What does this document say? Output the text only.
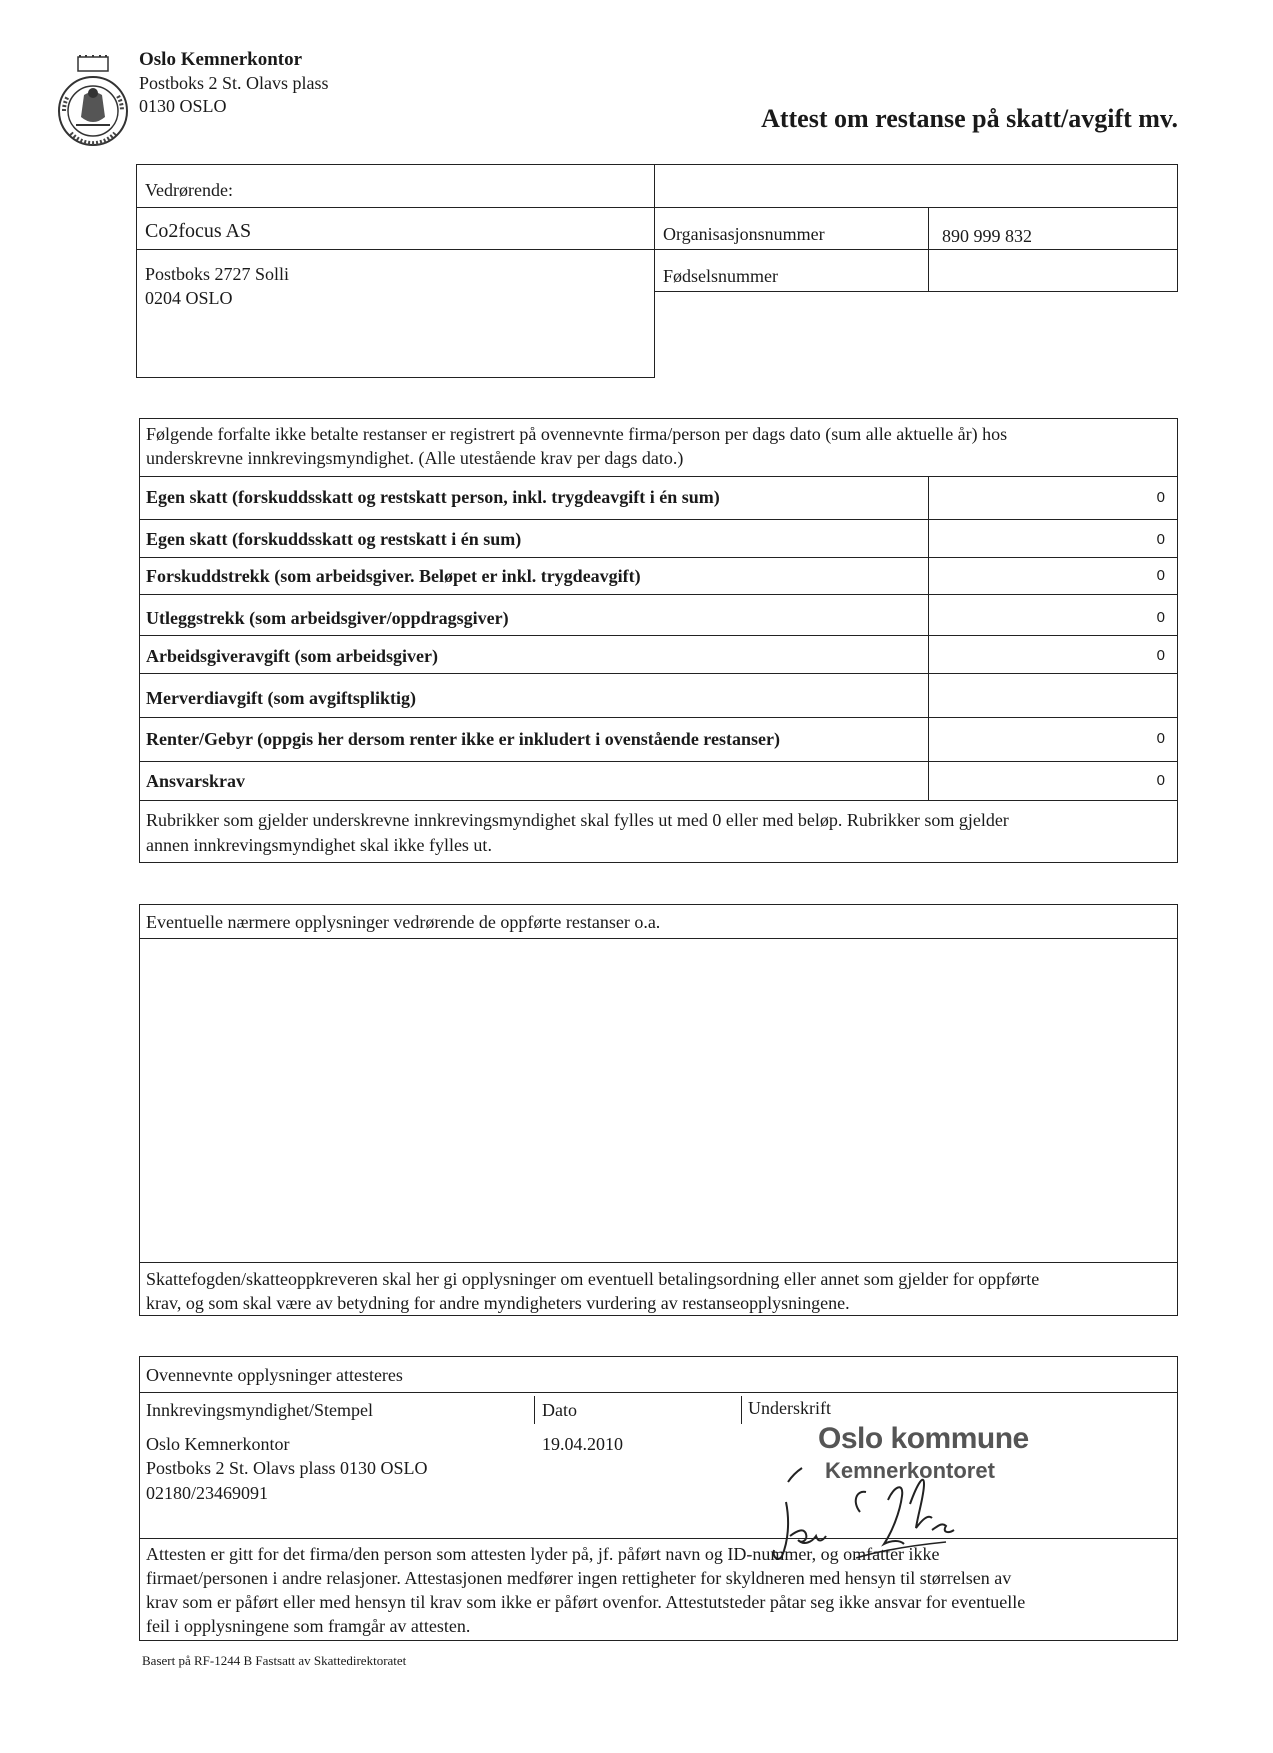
Oslo Kemnerkontor
Postboks 2 St. Olavs plass
0130 OSLO	Attest om restanse på skatt/avgift mv.
Vedrørende:
Co2focus AS
Postboks 2727 Solli
0204 OSLO
Organisasjonsnummer	890 999 832
Fødselsnummer
Følgende forfalte ikke betalte restanser er registrert på ovennevnte firma/person per dags dato (sum alle aktuelle år) hos
underskrevne innkrevingsmyndighet. (Alle utestående krav per dags dato.)
Egen skatt (forskuddsskatt og restskatt person, inkl. trygdeavgift i én sum)	0
Egen skatt (forskuddsskatt og restskatt i én sum)	0
Forskuddstrekk (som arbeidsgiver. Beløpet er inkl. trygdeavgift)	0
Utleggstrekk (som arbeidsgiver/oppdragsgiver)	0
Arbeidsgiveravgift (som arbeidsgiver)	0
Merverdiavgift (som avgiftspliktig)
Renter/Gebyr (oppgis her dersom renter ikke er inkludert i ovenstående restanser)	0
Ansvarskrav	0
Rubrikker som gjelder underskrevne innkrevingsmyndighet skal fylles ut med 0 eller med beløp. Rubrikker som gjelder
annen innkrevingsmyndighet skal ikke fylles ut.
Eventuelle nærmere opplysninger vedrørende de oppførte restanser o.a.
Skattefogden/skatteoppkreveren skal her gi opplysninger om eventuell betalingsordning eller annet som gjelder for oppførte
krav, og som skal være av betydning for andre myndigheters vurdering av restanseopplysningene.
Ovennevnte opplysninger attesteres
Innkrevingsmyndighet/Stempel	Dato	Underskrift
Oslo Kemnerkontor
Postboks 2 St. Olavs plass 0130 OSLO
02180/23469091
19.04.2010	Oslo kommune
Kemnerkontoret
Attesten er gitt for det firma/den person som attesten lyder på, jf. påført navn og ID-nummer, og omfatter ikke
firmaet/personen i andre relasjoner. Attestasjonen medfører ingen rettigheter for skyldneren med hensyn til størrelsen av
krav som er påført eller med hensyn til krav som ikke er påført ovenfor. Attestutsteder påtar seg ikke ansvar for eventuelle
feil i opplysningene som framgår av attesten.
Basert på RF-1244 B Fastsatt av Skattedirektoratet
